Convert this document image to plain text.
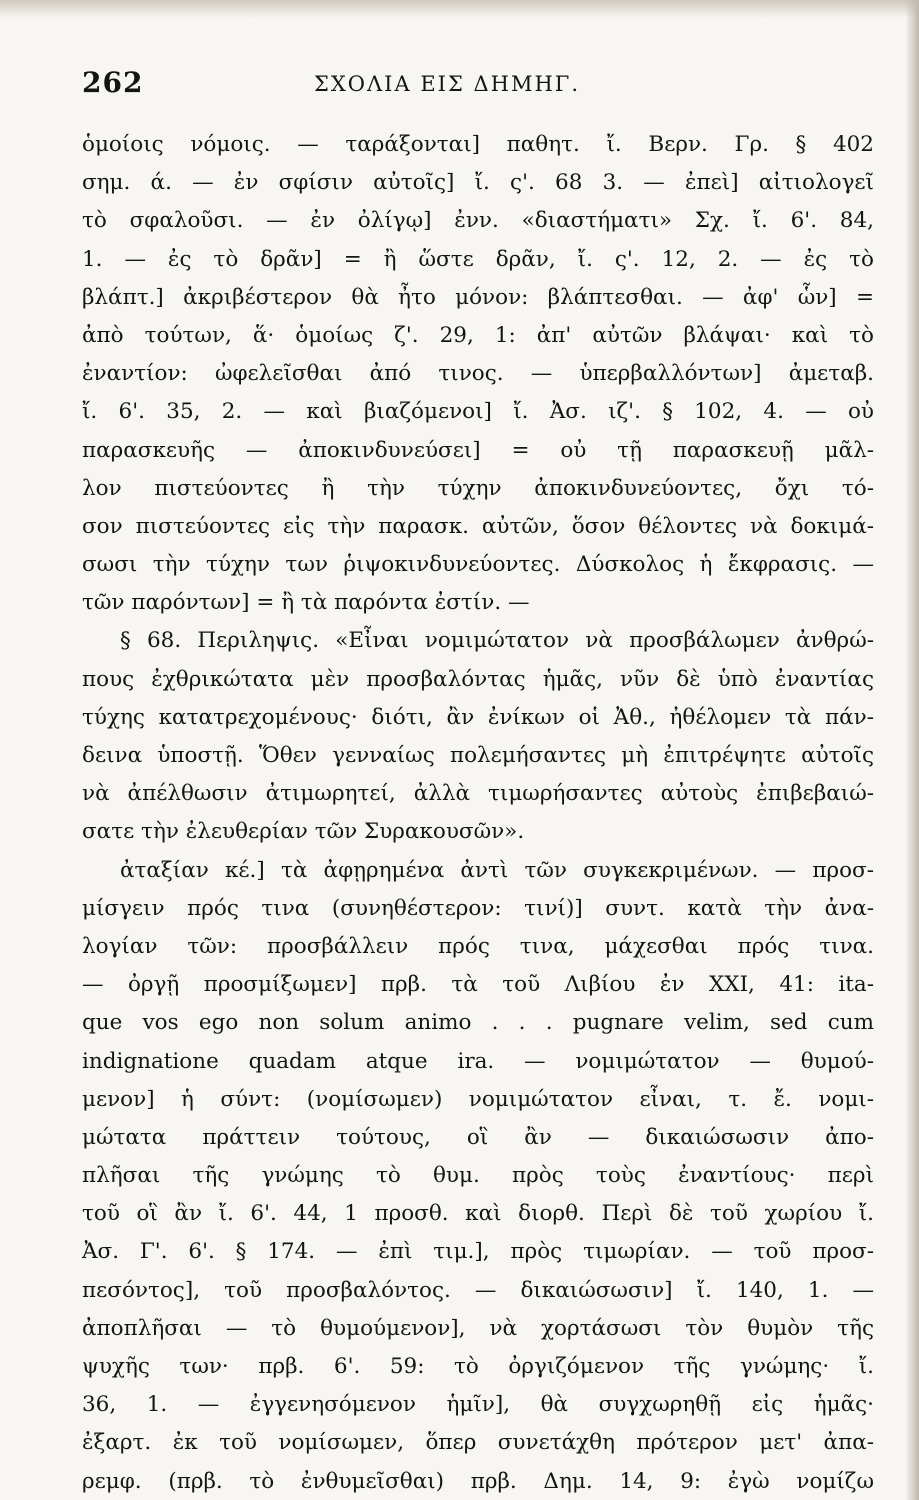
262	ΣΧΟΛΙΑ ΕΙΣ ΔΗΜΗΓ.
ὁμοίοις νόμοις. — ταράξονται] παθητ. ἴ. Βερν. Γρ. § 402
σημ. ά. — ἐν σφίσιν αὐτοῖς] ἴ. ς'. 68 3. — ἐπεὶ] αἰτιολογεῖ
τὸ σφαλοῦσι. — ἐν ὀλίγῳ] ἐνν. «διαστήματι» Σχ. ἴ. 6'. 84,
1. — ἐς τὸ δρᾶν] = ἢ ὥστε δρᾶν, ἴ. ς'. 12, 2. — ἐς τὸ
βλάπτ.] ἀκριβέστερον θὰ ἦτο μόνον: βλάπτεσθαι. — ἀφ' ὧν] =
ἀπὸ τούτων, ἅ· ὁμοίως ζ'. 29, 1: ἀπ' αὐτῶν βλάψαι· καὶ τὸ
ἐναντίον: ὠφελεῖσθαι ἀπό τινος. — ὑπερβαλλόντων] ἀμεταβ.
ἴ. 6'. 35, 2. — καὶ βιαζόμενοι] ἴ. Ἀσ. ιζ'. § 102, 4. — οὐ
παρασκευῆς — ἀποκινδυνεύσει] = οὐ τῇ παρασκευῇ μᾶλ-
λον πιστεύοντες ἢ τὴν τύχην ἀποκινδυνεύοντες, ὄχι τό-
σον πιστεύοντες εἰς τὴν παρασκ. αὐτῶν, ὅσον θέλοντες νὰ δοκιμά-
σωσι τὴν τύχην των ῥιψοκινδυνεύοντες. Δύσκολος ἡ ἔκφρασις. —
τῶν παρόντων] = ἢ τὰ παρόντα ἐστίν. —
§ 68. Περιληψις. «Εἶναι νομιμώτατον νὰ προσβάλωμεν ἀνθρώ-
πους ἐχθρικώτατα μὲν προσβαλόντας ἡμᾶς, νῦν δὲ ὑπὸ ἐναντίας
τύχης κατατρεχομένους· διότι, ἂν ἐνίκων οἱ Ἀθ., ἠθέλομεν τὰ πάν-
δεινα ὑποστῇ. Ὅθεν γενναίως πολεμήσαντες μὴ ἐπιτρέψητε αὐτοῖς
νὰ ἀπέλθωσιν ἀτιμωρητεί, ἀλλὰ τιμωρήσαντες αὐτοὺς ἐπιβεβαιώ-
σατε τὴν ἐλευθερίαν τῶν Συρακουσῶν».
ἀταξίαν κέ.] τὰ ἀφῃρημένα ἀντὶ τῶν συγκεκριμένων. — προσ-
μίσγειν πρός τινα (συνηθέστερον: τινί)] συντ. κατὰ τὴν ἀνα-
λογίαν τῶν: προσβάλλειν πρός τινα, μάχεσθαι πρός τινα.
— ὀργῇ προσμίξωμεν] πρβ. τὰ τοῦ Λιβίου ἐν XXI, 41: ita-
que vos ego non solum animo . . . pugnare velim, sed cum
indignatione quadam atque ira. — νομιμώτατον — θυμού-
μενον] ἡ σύντ: (νομίσωμεν) νομιμώτατον εἶναι, τ. ἔ. νομι-
μώτατα πράττειν τούτους, οἳ ἂν — δικαιώσωσιν ἀπο-
πλῆσαι τῆς γνώμης τὸ θυμ. πρὸς τοὺς ἐναντίους· περὶ
τοῦ οἳ ἂν ἴ. 6'. 44, 1 προσθ. καὶ διορθ. Περὶ δὲ τοῦ χωρίου ἴ.
Ἀσ. Γ'. 6'. § 174. — ἐπὶ τιμ.], πρὸς τιμωρίαν. — τοῦ προσ-
πεσόντος], τοῦ προσβαλόντος. — δικαιώσωσιν] ἴ. 140, 1. —
ἀποπλῆσαι — τὸ θυμούμενον], νὰ χορτάσωσι τὸν θυμὸν τῆς
ψυχῆς των· πρβ. 6'. 59: τὸ ὀργιζόμενον τῆς γνώμης· ἴ.
36, 1. — ἐγγενησόμενον ἡμῖν], θὰ συγχωρηθῇ εἰς ἡμᾶς·
ἐξαρτ. ἐκ τοῦ νομίσωμεν, ὅπερ συνετάχθη πρότερον μετ' ἀπα-
ρεμφ. (πρβ. τὸ ἐνθυμεῖσθαι) πρβ. Δημ. 14, 9: ἐγὼ νομίζω
